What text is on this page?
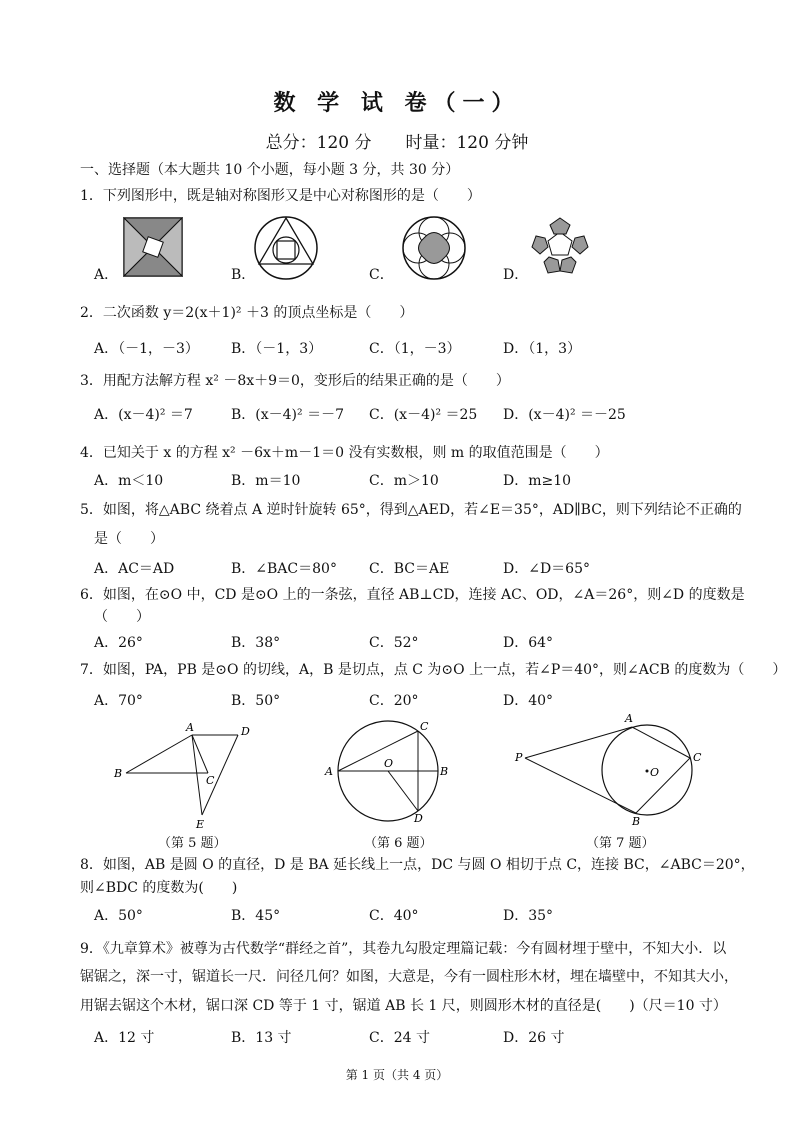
数 学 试 卷（一）
总分：120 分　　时量：120 分钟
一、选择题（本大题共 10 个小题，每小题 3 分，共 30 分）
1．下列图形中，既是轴对称图形又是中心对称图形的是（　　）
A．	B．	C．	D．
2．二次函数 y＝2(x＋1)² ＋3 的顶点坐标是（　　）
A．（－1，－3） B．（－1，3）	C．（1，－3）	D．（1，3）
3．用配方法解方程 x² －8x＋9＝0，变形后的结果正确的是（　　）
A．(x－4)² ＝7	B．(x－4)² ＝－7 C．(x－4)² ＝25 D．(x－4)² ＝－25
4．已知关于 x 的方程 x² －6x＋m－1＝0 没有实数根，则 m 的取值范围是（　　）
A．m＜10	B．m＝10	C．m＞10	D．m≥10
5．如图，将△ABC 绕着点 A 逆时针旋转 65°，得到△AED，若∠E＝35°，AD∥BC，则下列结论不正确的
是（　　）
A．AC＝AD	B．∠BAC＝80° C．BC＝AE	D．∠D＝65°
6．如图，在⊙O 中，CD 是⊙O 上的一条弦，直径 AB⊥CD，连接 AC、OD，∠A＝26°，则∠D 的度数是
（　　）
A．26°	B．38°	C．52°	D．64°
7．如图，PA，PB 是⊙O 的切线，A，B 是切点，点 C 为⊙O 上一点，若∠P＝40°，则∠ACB 的度数为（　　）
A．70°	B．50°	C．20°	D．40°
A	D
B
C
E
（第 5 题）
C
A
O
B
D
（第 6 题）
A
P	C
O
B
（第 7 题）
8．如图，AB 是圆 O 的直径，D 是 BA 延长线上一点，DC 与圆 O 相切于点 C，连接 BC，∠ABC＝20°，
则∠BDC 的度数为(　　)
A．50°	B．45°	C．40°	D．35°
9．《九章算术》被尊为古代数学“群经之首”，其卷九勾股定理篇记载：今有圆材埋于壁中，不知大小．以
锯锯之，深一寸，锯道长一尺．问径几何？如图，大意是，今有一圆柱形木材，埋在墙壁中，不知其大小，
用锯去锯这个木材，锯口深 CD 等于 1 寸，锯道 AB 长 1 尺，则圆形木材的直径是(　　)（尺＝10 寸）
A．12 寸	B．13 寸	C．24 寸	D．26 寸
第 1 页（共 4 页）
